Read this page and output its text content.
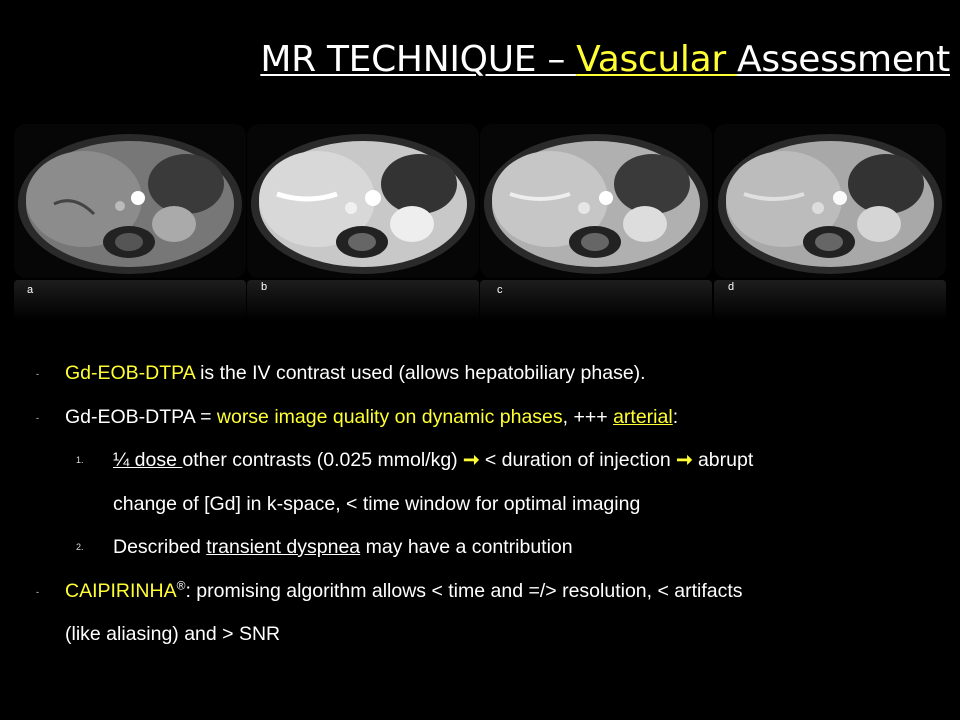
MR TECHNIQUE – Vascular Assessment
a	b	c	d
- Gd-EOB-DTPA is the IV contrast used (allows hepatobiliary phase).
- Gd-EOB-DTPA = worse image quality on dynamic phases, +++ arterial:
1. ¼ dose other contrasts (0.025 mmol/kg) ➞ < duration of injection ➞ abrupt
change of [Gd] in k-space, < time window for optimal imaging
2. Described transient dyspnea may have a contribution
- CAIPIRINHA®: promising algorithm allows < time and =/> resolution, < artifacts
(like aliasing) and > SNR
